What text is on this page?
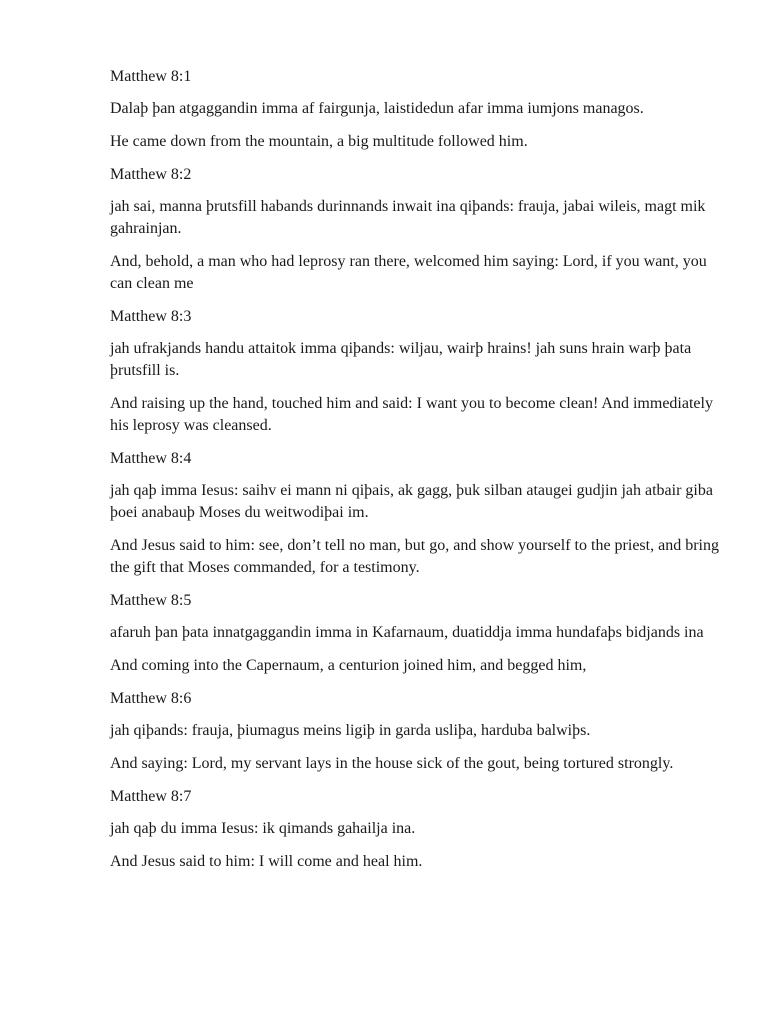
Matthew 8:1

Dalaþ þan atgaggandin imma af fairgunja, laistidedun afar imma iumjons managos.

He came down from the mountain, a big multitude followed him.

Matthew 8:2

jah sai, manna þrutsfill habands durinnands inwait ina qiþands: frauja, jabai wileis, magt mik gahrainjan.

And, behold, a man who had leprosy ran there, welcomed him saying: Lord, if you want, you can clean me

Matthew 8:3

jah ufrakjands handu attaitok imma qiþands: wiljau, wairþ hrains! jah suns hrain warþ þata þrutsfill is.

And raising up the hand, touched him and said: I want you to become clean! And immediately his leprosy was cleansed.

Matthew 8:4

jah qaþ imma Iesus: saihv ei mann ni qiþais, ak gagg, þuk silban ataugei gudjin jah atbair giba þoei anabauþ Moses du weitwodiþai im.

And Jesus said to him: see, don’t tell no man, but go, and show yourself to the priest, and bring the gift that Moses commanded, for a testimony.

Matthew 8:5

afaruh þan þata innatgaggandin imma in Kafarnaum, duatiddja imma hundafaþs bidjands ina

And coming into the Capernaum, a centurion joined him, and begged him,

Matthew 8:6

jah qiþands: frauja, þiumagus meins ligiþ in garda usliþa, harduba balwiþs.

And saying: Lord, my servant lays in the house sick of the gout, being tortured strongly.

Matthew 8:7

jah qaþ du imma Iesus: ik qimands gahailja ina.

And Jesus said to him: I will come and heal him.
